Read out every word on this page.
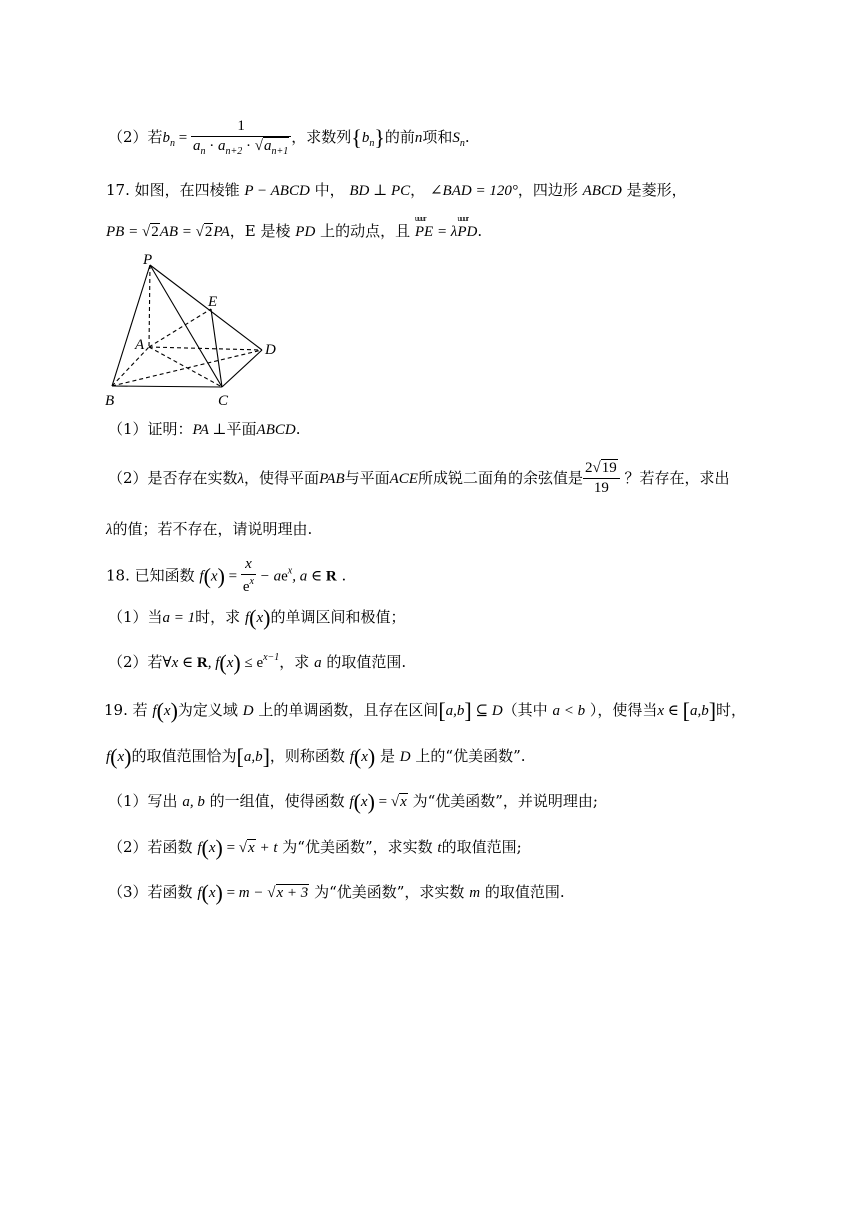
（2）若$b_n = \frac{1}{a_n \cdot a_{n+2} \cdot √a_{n+1}}$ ，求数列$\{b_n\}$的前n项和$S_n$.
17. 如图，在四棱锥 P − ABCD 中， BD ⊥ PC， ∠BAD = 120°，四边形 ABCD 是菱形，
PB = √2AB = √2PA，E 是棱 PD 上的动点，且
uuur
PE = λ
uuur
PD.
P
E
A	D
B	C
（1）证明：PA ⊥平面ABCD.
（2）是否存在实数λ，使得平面PAB与平面ACE所成锐二面角的余弦值是 $\frac{2√19}{19}$ ？若存在，求出
λ的值；若不存在，请说明理由.
18. 已知函数 $f(x) = \frac{x}{e^x} - ae^x$, a ∈ R .
（1）当a = 1时，求 f(x)的单调区间和极值；
（2）若∀x ∈ R, $f(x) \le e^{x-1}$，求 a 的取值范围.
19. 若 f(x)为定义域 D 上的单调函数，且存在区间[a,b] ⊆ D（其中 a < b ），使得当x ∈ [a,b]时，
f(x)的取值范围恰为[a,b]，则称函数 f(x) 是 D 上的“优美函数”.
（1）写出 a, b 的一组值，使得函数 f(x) = √x 为“优美函数”，并说明理由;
（2）若函数 f(x) = √x + t 为“优美函数”，求实数 t的取值范围;
（3）若函数 f(x) = m − √x + 3 为“优美函数”，求实数 m 的取值范围.
